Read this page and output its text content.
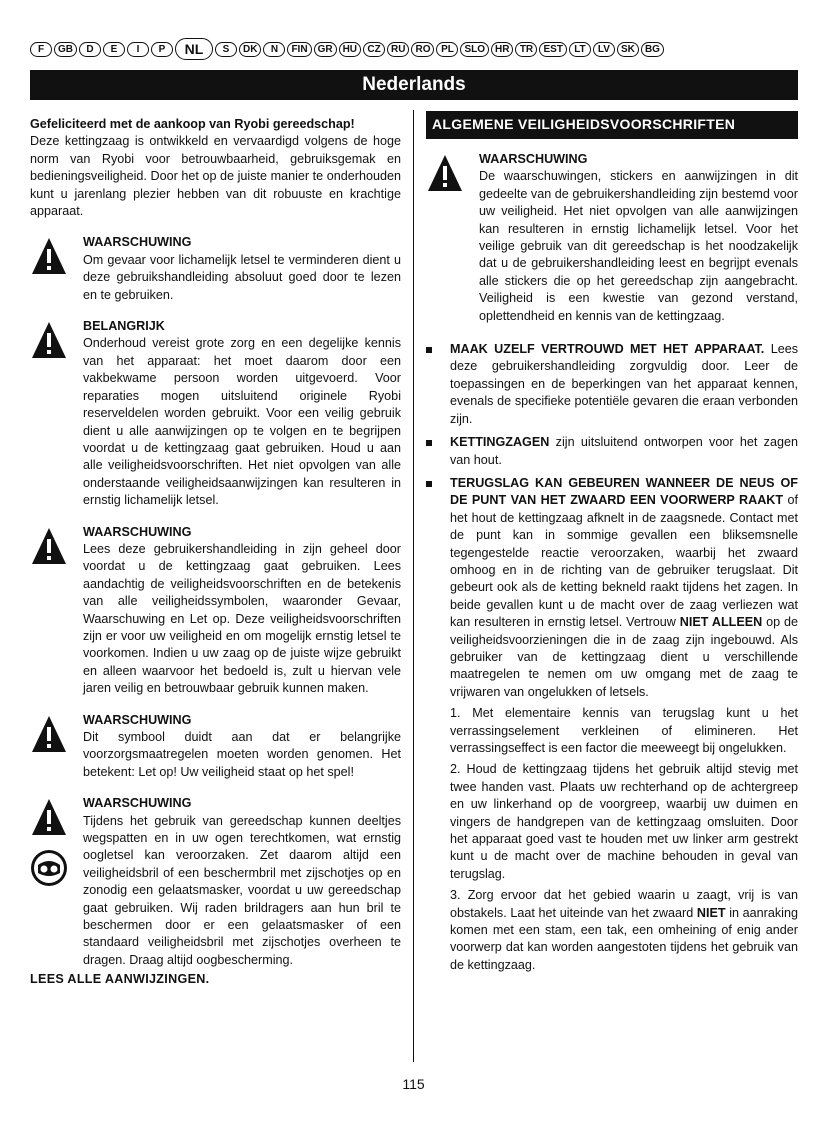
F	GB	D	E	I	P	NL	S	DK	N	FIN	GR	HU	CZ	RU	RO	PL	SLO	HR	TR	EST	LT	LV	SK	BG
Nederlands

Gefeliciteerd met de aankoop van Ryobi gereedschap!
Deze kettingzaag is ontwikkeld en vervaardigd volgens de hoge norm van Ryobi voor betrouwbaarheid, gebruiksgemak en bedieningsveiligheid. Door het op de juiste manier te onderhouden kunt u jarenlang plezier hebben van dit robuuste en krachtige apparaat.

WAARSCHUWING

Om gevaar voor lichamelijk letsel te verminderen dient u deze gebruikshandleiding absoluut goed door te lezen en te gebruiken.

BELANGRIJK

Onderhoud vereist grote zorg en een degelijke kennis van het apparaat: het moet daarom door een vakbekwame persoon worden uitgevoerd. Voor reparaties mogen uitsluitend originele Ryobi reserveldelen worden gebruikt. Voor een veilig gebruik dient u alle aanwijzingen op te volgen en te begrijpen voordat u de kettingzaag gaat gebruiken. Houd u aan alle veiligheidsvoorschriften. Het niet opvolgen van alle onderstaande veiligheidsaanwijzingen kan resulteren in ernstig lichamelijk letsel.

WAARSCHUWING

Lees deze gebruikershandleiding in zijn geheel door voordat u de kettingzaag gaat gebruiken. Lees aandachtig de veiligheidsvoorschriften en de betekenis van alle veiligheidssymbolen, waaronder Gevaar, Waarschuwing en Let op. Deze veiligheidsvoorschriften zijn er voor uw veiligheid en om mogelijk ernstig letsel te voorkomen. Indien u uw zaag op de juiste wijze gebruikt en alleen waarvoor het bedoeld is, zult u hiervan vele jaren veilig en betrouwbaar gebruik kunnen maken.

WAARSCHUWING

Dit symbool duidt aan dat er belangrijke voorzorgsmaatregelen moeten worden genomen. Het betekent: Let op! Uw veiligheid staat op het spel!

WAARSCHUWING

Tijdens het gebruik van gereedschap kunnen deeltjes wegspatten en in uw ogen terechtkomen, wat ernstig oogletsel kan veroorzaken. Zet daarom altijd een veiligheidsbril of een beschermbril met zijschotjes op en zonodig een gelaatsmasker, voordat u uw gereedschap gaat gebruiken. Wij raden brildragers aan hun bril te beschermen door er een gelaatsmasker of een standaard veiligheidsbril met zijschotjes overheen te dragen. Draag altijd oogbescherming.

LEES ALLE AANWIJZINGEN.
ALGEMENE VEILIGHEIDSVOORSCHRIFTEN
WAARSCHUWING

De waarschuwingen, stickers en aanwijzingen in dit gedeelte van de gebruikershandleiding zijn bestemd voor uw veiligheid. Het niet opvolgen van alle aanwijzingen kan resulteren in ernstig lichamelijk letsel. Voor het veilige gebruik van dit gereedschap is het noodzakelijk dat u de gebruikershandleiding leest en begrijpt evenals alle stickers die op het gereedschap zijn aangebracht. Veiligheid is een kwestie van gezond verstand, oplettendheid en kennis van de kettingzaag.

MAAK UZELF VERTROUWD MET HET APPARAAT. Lees deze gebruikershandleiding zorgvuldig door. Leer de toepassingen en de beperkingen van het apparaat kennen, evenals de specifieke potentiële gevaren die eraan verbonden zijn.

KETTINGZAGEN zijn uitsluitend ontworpen voor het zagen van hout.

TERUGSLAG KAN GEBEUREN WANNEER DE NEUS OF DE PUNT VAN HET ZWAARD EEN VOORWERP RAAKT of het hout de kettingzaag afknelt in de zaagsnede. Contact met de punt kan in sommige gevallen een bliksemsnelle tegengestelde reactie veroorzaken, waarbij het zwaard omhoog en in de richting van de gebruiker terugslaat. Dit gebeurt ook als de ketting bekneld raakt tijdens het zagen. In beide gevallen kunt u de macht over de zaag verliezen wat kan resulteren in ernstig letsel. Vertrouw NIET ALLEEN op de veiligheidsvoorzieningen die in de zaag zijn ingebouwd. Als gebruiker van de kettingzaag dient u verschillende maatregelen te nemen om uw omgang met de zaag te vrijwaren van ongelukken of letsels.

1. Met elementaire kennis van terugslag kunt u het verrassingselement verkleinen of elimineren. Het verrassingseffect is een factor die meeweegt bij ongelukken.

2. Houd de kettingzaag tijdens het gebruik altijd stevig met twee handen vast. Plaats uw rechterhand op de achtergreep en uw linkerhand op de voorgreep, waarbij uw duimen en vingers de handgrepen van de kettingzaag omsluiten. Door het apparaat goed vast te houden met uw linker arm gestrekt kunt u de macht over de machine behouden in geval van terugslag.

3. Zorg ervoor dat het gebied waarin u zaagt, vrij is van obstakels. Laat het uiteinde van het zwaard NIET in aanraking komen met een stam, een tak, een omheining of enig ander voorwerp dat kan worden aangestoten tijdens het gebruik van de kettingzaag.

115
